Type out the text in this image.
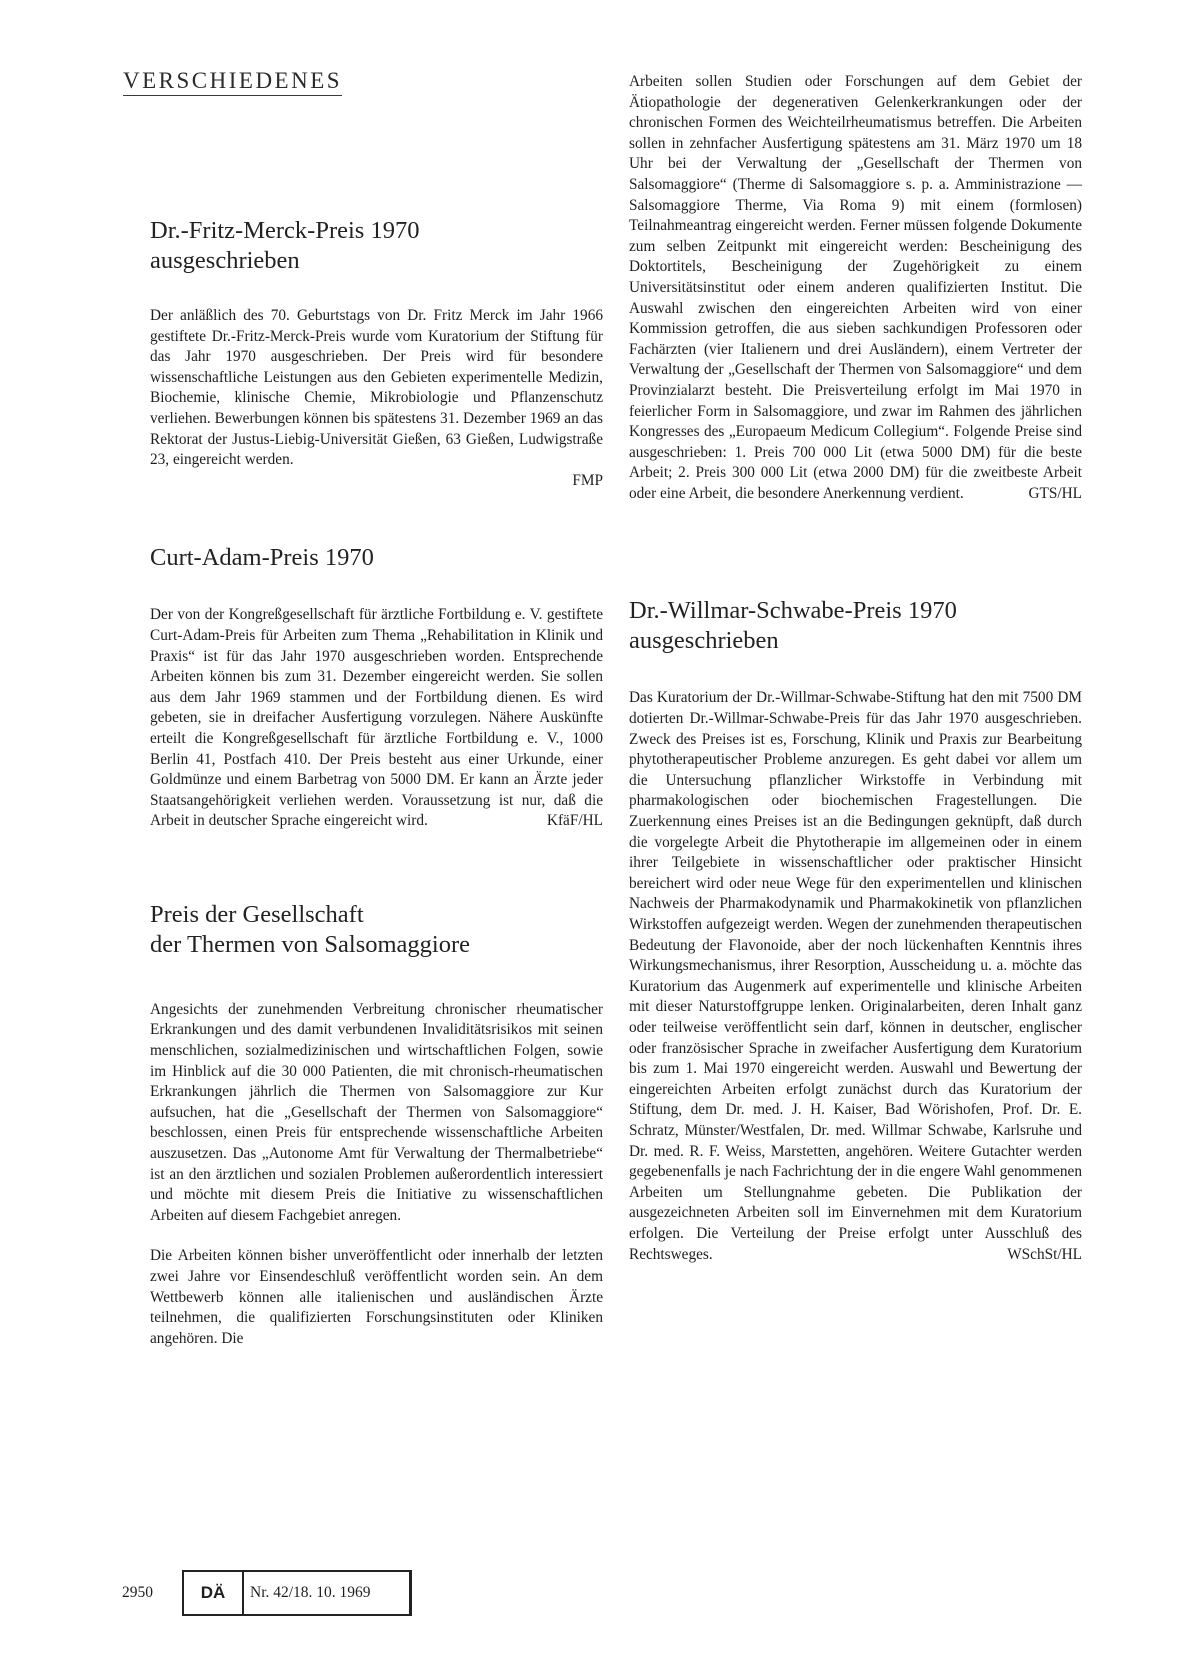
VERSCHIEDENES
Dr.-Fritz-Merck-Preis 1970
ausgeschrieben

Der anläßlich des 70. Geburtstags von Dr. Fritz Merck im Jahr 1966 gestiftete Dr.-Fritz-Merck-Preis wurde vom Kuratorium der Stiftung für das Jahr 1970 ausgeschrieben. Der Preis wird für besondere wissenschaftliche Leistungen aus den Gebieten experimentelle Medizin, Biochemie, klinische Chemie, Mikrobiologie und Pflanzenschutz verliehen. Bewerbungen können bis spätestens 31. Dezember 1969 an das Rektorat der Justus-Liebig-Universität Gießen, 63 Gießen, Ludwigstraße 23, eingereicht werden.

FMP
Curt-Adam-Preis 1970

Der von der Kongreßgesellschaft für ärztliche Fortbildung e. V. gestiftete Curt-Adam-Preis für Arbeiten zum Thema „Rehabilitation in Klinik und Praxis“ ist für das Jahr 1970 ausgeschrieben worden. Entsprechende Arbeiten können bis zum 31. Dezember eingereicht werden. Sie sollen aus dem Jahr 1969 stammen und der Fortbildung dienen. Es wird gebeten, sie in dreifacher Ausfertigung vorzulegen. Nähere Auskünfte erteilt die Kongreßgesellschaft für ärztliche Fortbildung e. V., 1000 Berlin 41, Postfach 410. Der Preis besteht aus einer Urkunde, einer Goldmünze und einem Barbetrag von 5000 DM. Er kann an Ärzte jeder Staatsangehörigkeit verliehen werden. Voraussetzung ist nur, daß die Arbeit in deutscher Sprache eingereicht wird.	KfäF/HL

Preis der Gesellschaft
der Thermen von Salsomaggiore

Angesichts der zunehmenden Verbreitung chronischer rheumatischer Erkrankungen und des damit verbundenen Invaliditätsrisikos mit seinen menschlichen, sozialmedizinischen und wirtschaftlichen Folgen, sowie im Hinblick auf die 30 000 Patienten, die mit chronisch-rheumatischen Erkrankungen jährlich die Thermen von Salsomaggiore zur Kur aufsuchen, hat die „Gesellschaft der Thermen von Salsomaggiore“ beschlossen, einen Preis für entsprechende wissenschaftliche Arbeiten auszusetzen. Das „Autonome Amt für Verwaltung der Thermalbetriebe“ ist an den ärztlichen und sozialen Problemen außerordentlich interessiert und möchte mit diesem Preis die Initiative zu wissenschaftlichen Arbeiten auf diesem Fachgebiet anregen.

Die Arbeiten können bisher unveröffentlicht oder innerhalb der letzten zwei Jahre vor Einsendeschluß veröffentlicht worden sein. An dem Wettbewerb können alle italienischen und ausländischen Ärzte teilnehmen, die qualifizierten Forschungsinstituten oder Kliniken angehören. Die

Arbeiten sollen Studien oder Forschungen auf dem Gebiet der Ätiopathologie der degenerativen Gelenkerkrankungen oder der chronischen Formen des Weichteilrheumatismus betreffen. Die Arbeiten sollen in zehnfacher Ausfertigung spätestens am 31. März 1970 um 18 Uhr bei der Verwaltung der „Gesellschaft der Thermen von Salsomaggiore“ (Therme di Salsomaggiore s. p. a. Amministrazione — Salsomaggiore Therme, Via Roma 9) mit einem (formlosen) Teilnahmeantrag eingereicht werden. Ferner müssen folgende Dokumente zum selben Zeitpunkt mit eingereicht werden: Bescheinigung des Doktortitels, Bescheinigung der Zugehörigkeit zu einem Universitätsinstitut oder einem anderen qualifizierten Institut. Die Auswahl zwischen den eingereichten Arbeiten wird von einer Kommission getroffen, die aus sieben sachkundigen Professoren oder Fachärzten (vier Italienern und drei Ausländern), einem Vertreter der Verwaltung der „Gesellschaft der Thermen von Salsomaggiore“ und dem Provinzialarzt besteht. Die Preisverteilung erfolgt im Mai 1970 in feierlicher Form in Salsomaggiore, und zwar im Rahmen des jährlichen Kongresses des „Europaeum Medicum Collegium“. Folgende Preise sind ausgeschrieben: 1. Preis 700 000 Lit (etwa 5000 DM) für die beste Arbeit; 2. Preis 300 000 Lit (etwa 2000 DM) für die zweitbeste Arbeit oder eine Arbeit, die besondere Anerkennung verdient.	GTS/HL

Dr.-Willmar-Schwabe-Preis 1970
ausgeschrieben

Das Kuratorium der Dr.-Willmar-Schwabe-Stiftung hat den mit 7500 DM dotierten Dr.-Willmar-Schwabe-Preis für das Jahr 1970 ausgeschrieben. Zweck des Preises ist es, Forschung, Klinik und Praxis zur Bearbeitung phytotherapeutischer Probleme anzuregen. Es geht dabei vor allem um die Untersuchung pflanzlicher Wirkstoffe in Verbindung mit pharmakologischen oder biochemischen Fragestellungen. Die Zuerkennung eines Preises ist an die Bedingungen geknüpft, daß durch die vorgelegte Arbeit die Phytotherapie im allgemeinen oder in einem ihrer Teilgebiete in wissenschaftlicher oder praktischer Hinsicht bereichert wird oder neue Wege für den experimentellen und klinischen Nachweis der Pharmakodynamik und Pharmakokinetik von pflanzlichen Wirkstoffen aufgezeigt werden. Wegen der zunehmenden therapeutischen Bedeutung der Flavonoide, aber der noch lückenhaften Kenntnis ihres Wirkungsmechanismus, ihrer Resorption, Ausscheidung u. a. möchte das Kuratorium das Augenmerk auf experimentelle und klinische Arbeiten mit dieser Naturstoffgruppe lenken. Originalarbeiten, deren Inhalt ganz oder teilweise veröffentlicht sein darf, können in deutscher, englischer oder französischer Sprache in zweifacher Ausfertigung dem Kuratorium bis zum 1. Mai 1970 eingereicht werden. Auswahl und Bewertung der eingereichten Arbeiten erfolgt zunächst durch das Kuratorium der Stiftung, dem Dr. med. J. H. Kaiser, Bad Wörishofen, Prof. Dr. E. Schratz, Münster/Westfalen, Dr. med. Willmar Schwabe, Karlsruhe und Dr. med. R. F. Weiss, Marstetten, angehören. Weitere Gutachter werden gegebenenfalls je nach Fachrichtung der in die engere Wahl genommenen Arbeiten um Stellungnahme gebeten. Die Publikation der ausgezeichneten Arbeiten soll im Einvernehmen mit dem Kuratorium erfolgen. Die Verteilung der Preise erfolgt unter Ausschluß des Rechtsweges.	WSchSt/HL

2950	DÄ	Nr. 42/18. 10. 1969
